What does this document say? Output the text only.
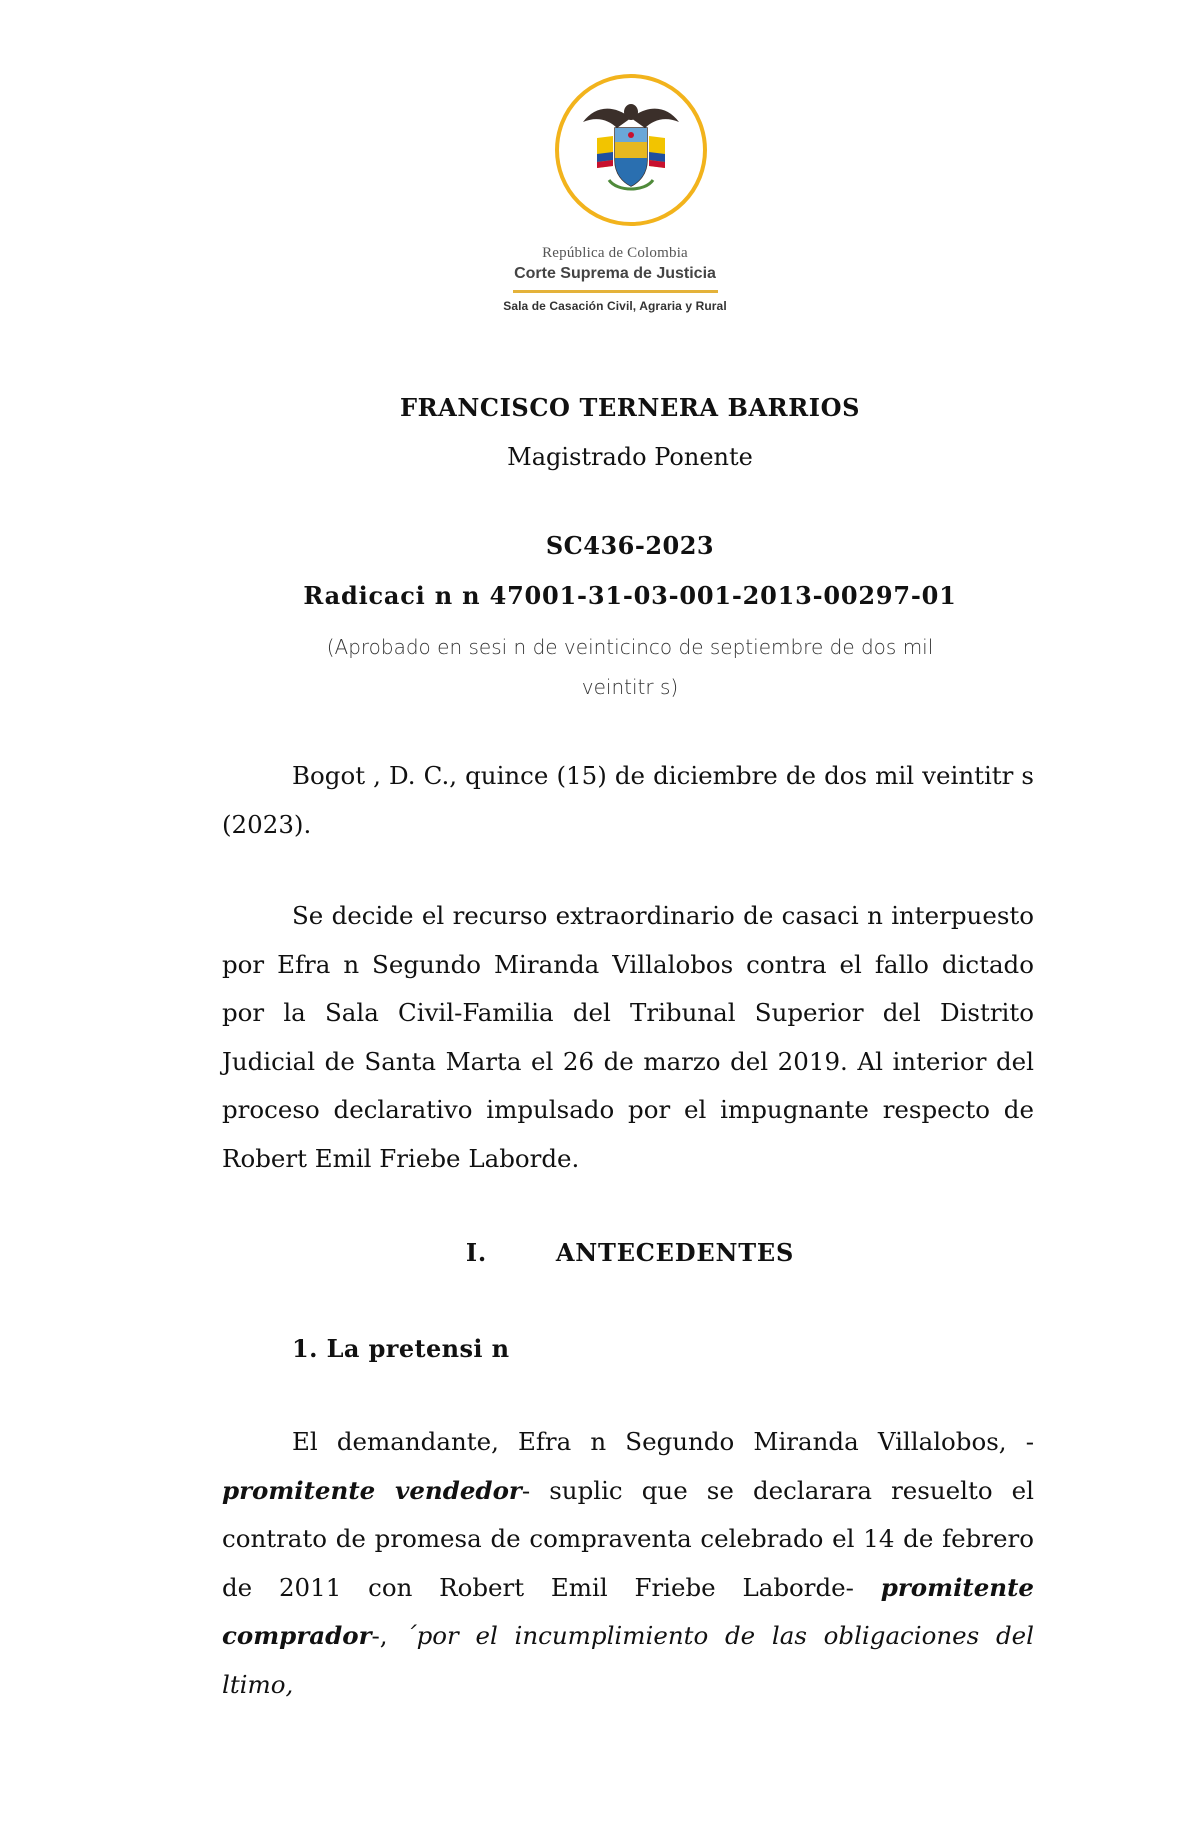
República de Colombia
Corte Suprema de Justicia
Sala de Casación Civil, Agraria y Rural
FRANCISCO TERNERA BARRIOS
Magistrado Ponente
SC436-2023
Radicaci n n 47001-31-03-001-2013-00297-01
(Aprobado en sesi n de veinticinco de septiembre de dos mil
veintitr s)
Bogot , D. C., quince (15) de diciembre de dos mil veintitr s (2023).
Se decide el recurso extraordinario de casaci n interpuesto por Efra n Segundo Miranda Villalobos contra el fallo dictado por la Sala Civil-Familia del Tribunal Superior del Distrito Judicial de Santa Marta el 26 de marzo del 2019. Al interior del proceso declarativo impulsado por el impugnante respecto de Robert Emil Friebe Laborde.
I.	ANTECEDENTES
1. La pretensi n
El demandante, Efra n Segundo Miranda Villalobos, -promitente vendedor- suplic que se declarara resuelto el contrato de promesa de compraventa celebrado el 14 de febrero de 2011 con Robert Emil Friebe Laborde- promitente comprador-, ´por el incumplimiento de las obligaciones del ltimo,
